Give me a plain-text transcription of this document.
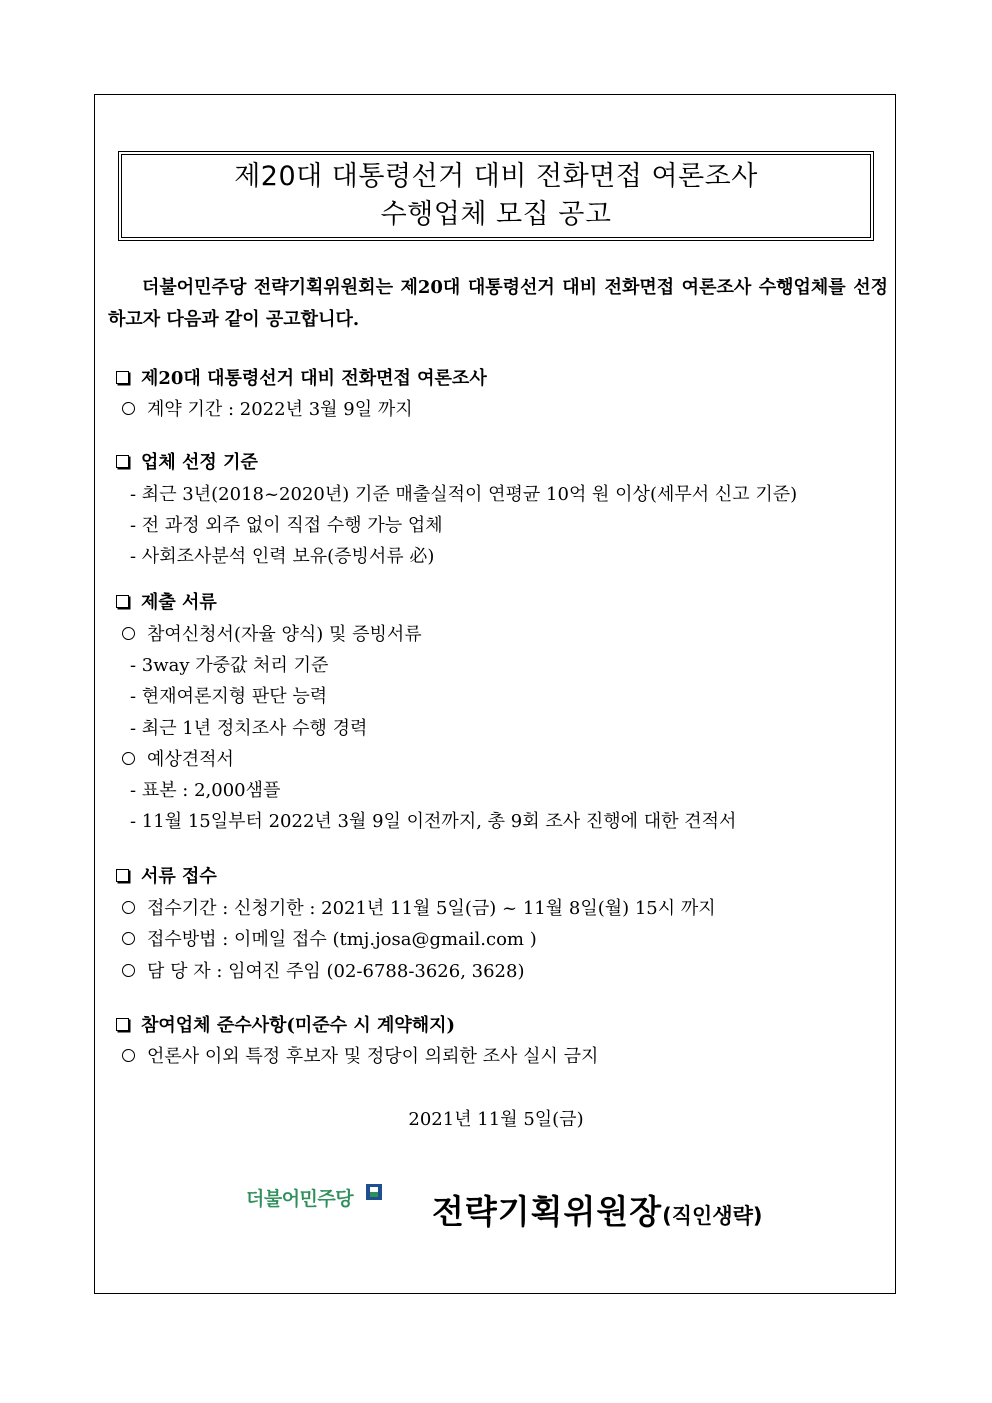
제20대 대통령선거 대비 전화면접 여론조사
수행업체 모집 공고
더불어민주당 전략기획위원회는 제20대 대통령선거 대비 전화면접 여론조사 수행업체를 선정하고자 다음과 같이 공고합니다.
제20대 대통령선거 대비 전화면접 여론조사
계약 기간 : 2022년 3월 9일 까지
업체 선정 기준
- 최근 3년(2018~2020년) 기준 매출실적이 연평균 10억 원 이상(세무서 신고 기준)
- 전 과정 외주 없이 직접 수행 가능 업체
- 사회조사분석 인력 보유(증빙서류 必)
제출 서류
참여신청서(자율 양식) 및 증빙서류
- 3way 가중값 처리 기준
- 현재여론지형 판단 능력
- 최근 1년 정치조사 수행 경력
예상견적서
- 표본 : 2,000샘플
- 11월 15일부터 2022년 3월 9일 이전까지, 총 9회 조사 진행에 대한 견적서
서류 접수
접수기간 : 신청기한 : 2021년 11월 5일(금) ~ 11월 8일(월) 15시 까지
접수방법 : 이메일 접수 (tmj.josa@gmail.com )
담 당 자 : 임여진 주임 (02-6788-3626, 3628)
참여업체 준수사항(미준수 시 계약해지)
언론사 이외 특정 후보자 및 정당이 의뢰한 조사 실시 금지
2021년 11월 5일(금)
더불어민주당 전략기획위원장(직인생략)
